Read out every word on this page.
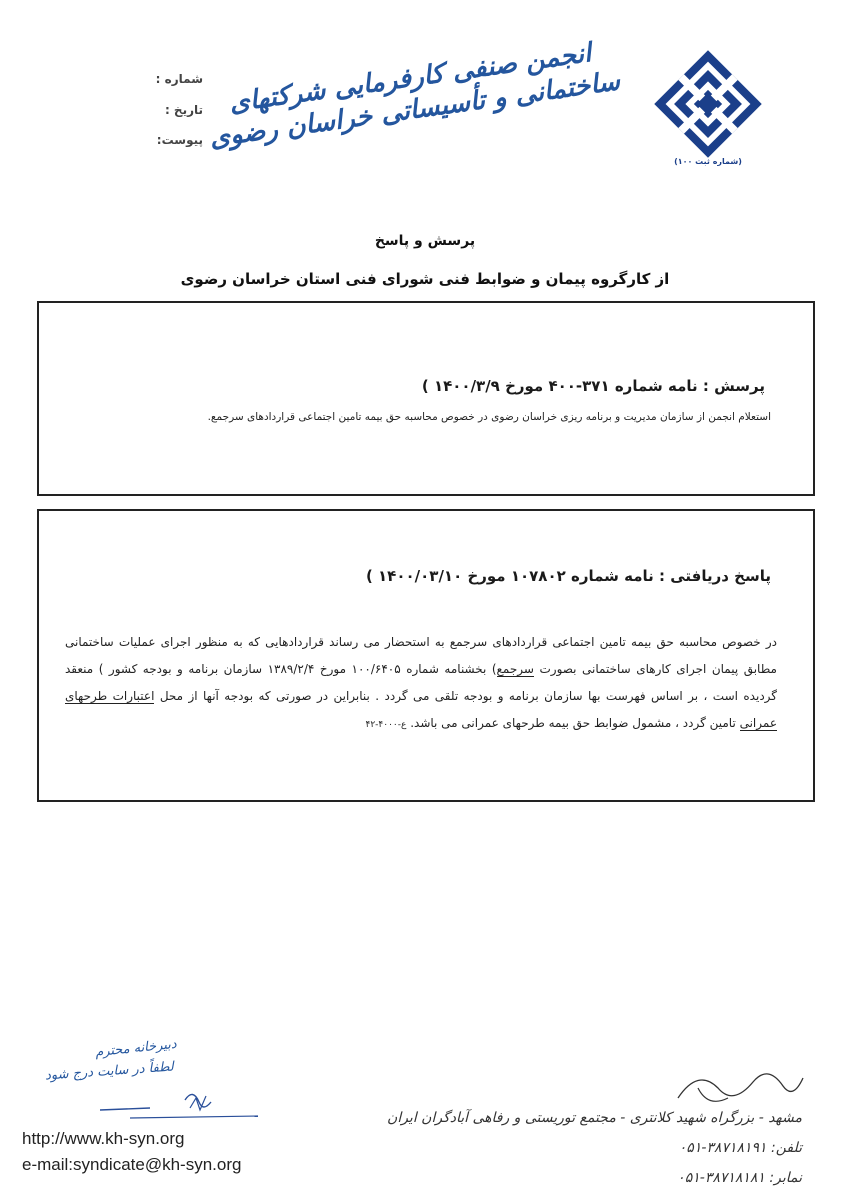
(شماره ثبت ۱۰۰)
انجمن صنفی کارفرمایی شرکتهای ساختمانی و تأسیساتی خراسان رضوی
شماره :
تاریخ :
پیوست:
پرسش و پاسخ
از کارگروه پیمان و ضوابط فنی شورای فنی استان خراسان رضوی
پرسش : نامه شماره ۳۷۱-۴۰۰ مورخ ۱۴۰۰/۳/۹ )
استعلام انجمن از سازمان مدیریت و برنامه ریزی خراسان رضوی در خصوص محاسبه حق بیمه تامین اجتماعی قراردادهای سرجمع.
پاسخ دریافتی : نامه شماره ۱۰۷۸۰۲ مورخ ۱۴۰۰/۰۳/۱۰ )
در خصوص محاسبه حق بیمه تامین اجتماعی قراردادهای سرجمع به استحضار می رساند قراردادهایی که به منظور اجرای عملیات ساختمانی مطابق پیمان اجرای کارهای ساختمانی بصورت سرجمع) بخشنامه شماره ۱۰۰/۶۴۰۵ مورخ ۱۳۸۹/۲/۴ سازمان برنامه و بودجه کشور ) منعقد گردیده است ، بر اساس فهرست بها سازمان برنامه و بودجه تلقی می گردد . بنابراین در صورتی که بودجه آنها از محل اعتبارات طرحهای عمرانی تامین گردد ، مشمول ضوابط حق بیمه طرحهای عمرانی می باشد. ع-۴۰۰۰-۴۲
دبیرخانه محترم
لطفاً در سایت درج شود
http://www.kh-syn.org
e-mail:syndicate@kh-syn.org
مشهد - بزرگراه شهید کلانتری - مجتمع توریستی و رفاهی آبادگران ایران
تلفن: ۳۸۷۱۸۱۹۱-۰۵۱
نمابر: ۳۸۷۱۸۱۸۱-۰۵۱
